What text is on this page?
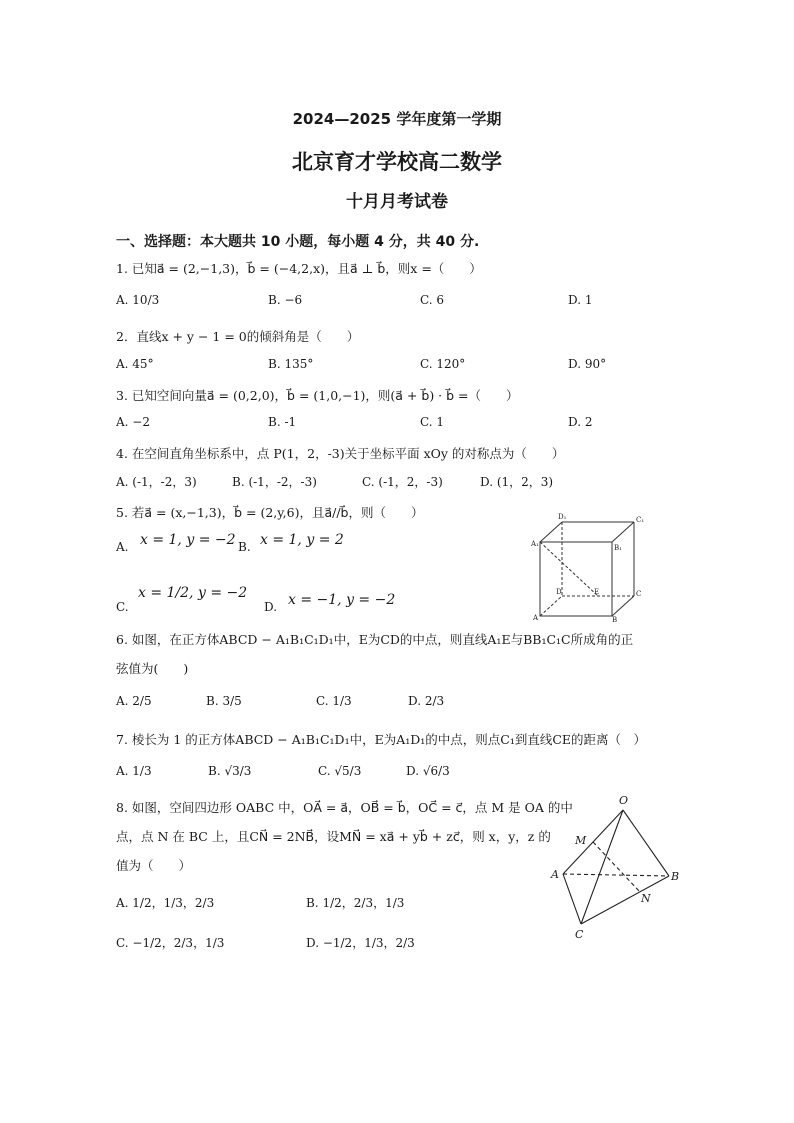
2024—2025 学年度第一学期
北京育才学校高二数学
十月月考试卷
一、选择题：本大题共 10 小题，每小题 4 分，共 40 分.
1. 已知a⃗ = (2,−1,3)，b⃗ = (−4,2,x)，且a⃗ ⊥ b⃗，则x =（　　）
A. 10/3	B. −6	C. 6	D. 1
2．直线x + y − 1 = 0的倾斜角是（　　）
A. 45°	B. 135°	C. 120°	D. 90°
3. 已知空间向量a⃗ = (0,2,0)，b⃗ = (1,0,−1)，则(a⃗ + b⃗) · b⃗ =（　　）
A. −2	B. -1	C. 1	D. 2
4. 在空间直角坐标系中，点 P(1，2，-3)关于坐标平面 xOy 的对称点为（　　）
A. (-1，-2，3)	B. (-1，-2，-3)	C. (-1，2，-3)	D. (1，2，3)
5. 若a⃗ = (x,−1,3)，b⃗ = (2,y,6)，且a⃗//b⃗，则（　　）
A. x = 1, y = −2 B. x = 1, y = 2
C.
x = 1/2, y = −2
D. x = −1, y = −2
D₁	C₁
A₁	B₁
D	C
E
A	B
6. 如图，在正方体ABCD − A₁B₁C₁D₁中，E为CD的中点，则直线A₁E与BB₁C₁C所成角的正
弦值为(　　)
A. 2/5	B. 3/5	C. 1/3	D. 2/3
7. 棱长为 1 的正方体ABCD − A₁B₁C₁D₁中，E为A₁D₁的中点，则点C₁到直线CE的距离（　）
A. 1/3	B. √3/3	C. √5/3	D. √6/3
8. 如图，空间四边形 OABC 中，OA⃗ = a⃗，OB⃗ = b⃗，OC⃗ = c⃗，点 M 是 OA 的中
点，点 N 在 BC 上，且CN⃗ = 2NB⃗，设MN⃗ = xa⃗ + yb⃗ + zc⃗，则 x，y，z 的
值为（　　）
A. 1/2，1/3，2/3	B. 1/2，2/3，1/3
C. −1/2，2/3，1/3	D. −1/2，1/3，2/3
O
M
A	B
N
C
